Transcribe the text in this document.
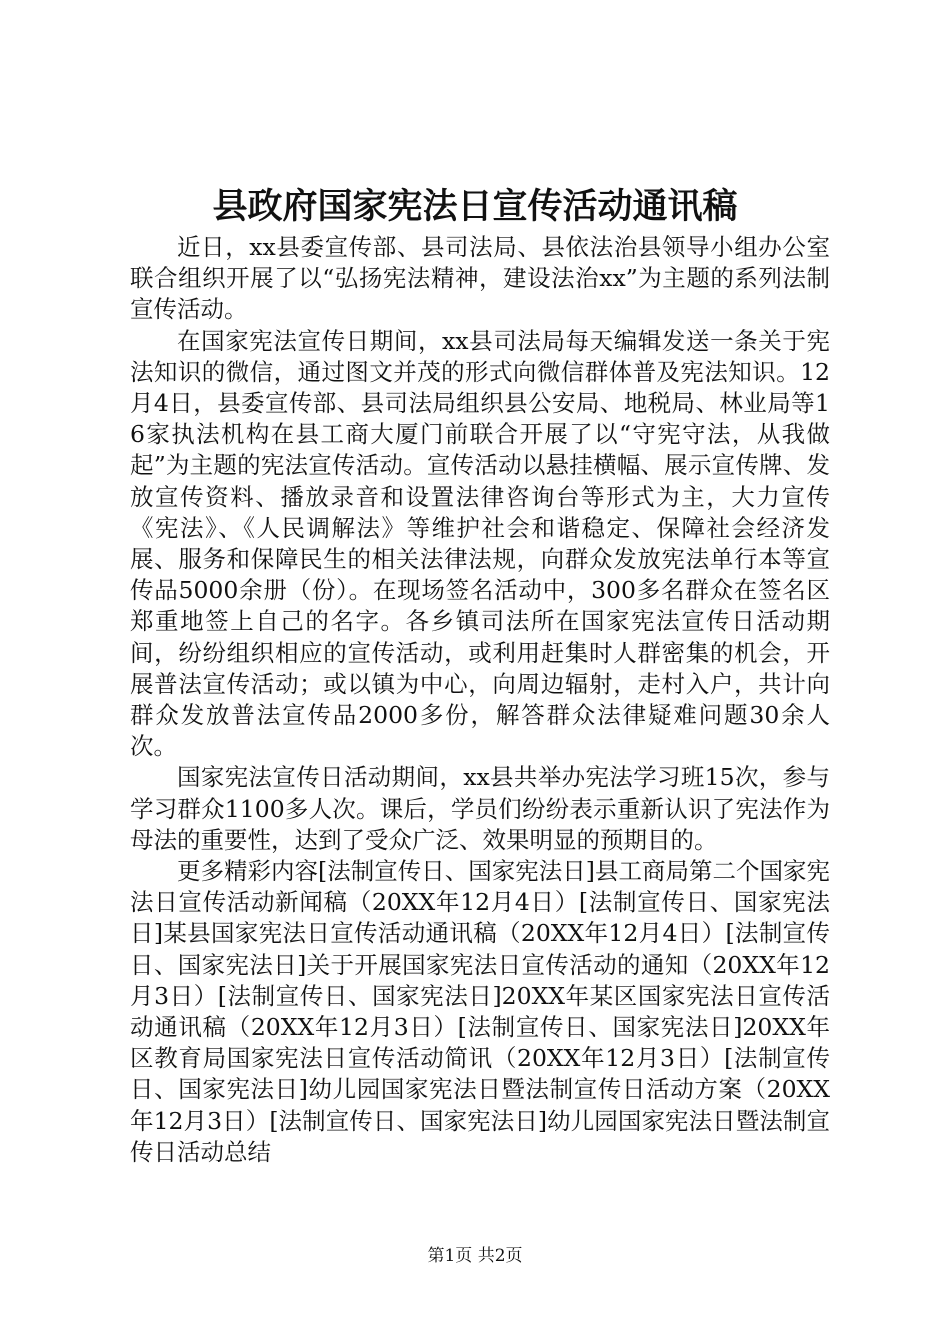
县政府国家宪法日宣传活动通讯稿

近日，xx县委宣传部、县司法局、县依法治县领导小组办公室联合组织开展了以“弘扬宪法精神，建设法治xx”为主题的系列法制宣传活动。

在国家宪法宣传日期间，xx县司法局每天编辑发送一条关于宪法知识的微信，通过图文并茂的形式向微信群体普及宪法知识。12月4日，县委宣传部、县司法局组织县公安局、地税局、林业局等16家执法机构在县工商大厦门前联合开展了以“守宪守法，从我做起”为主题的宪法宣传活动。宣传活动以悬挂横幅、展示宣传牌、发放宣传资料、播放录音和设置法律咨询台等形式为主，大力宣传《宪法》、《人民调解法》等维护社会和谐稳定、保障社会经济发展、服务和保障民生的相关法律法规，向群众发放宪法单行本等宣传品5000余册（份）。在现场签名活动中，300多名群众在签名区郑重地签上自己的名字。各乡镇司法所在国家宪法宣传日活动期间，纷纷组织相应的宣传活动，或利用赶集时人群密集的机会，开展普法宣传活动；或以镇为中心，向周边辐射，走村入户，共计向群众发放普法宣传品2000多份，解答群众法律疑难问题30余人次。

国家宪法宣传日活动期间，xx县共举办宪法学习班15次，参与学习群众1100多人次。课后，学员们纷纷表示重新认识了宪法作为母法的重要性，达到了受众广泛、效果明显的预期目的。

更多精彩内容[法制宣传日、国家宪法日]县工商局第二个国家宪法日宣传活动新闻稿（20XX年12月4日）[法制宣传日、国家宪法日]某县国家宪法日宣传活动通讯稿（20XX年12月4日）[法制宣传日、国家宪法日]关于开展国家宪法日宣传活动的通知（20XX年12月3日）[法制宣传日、国家宪法日]20XX年某区国家宪法日宣传活动通讯稿（20XX年12月3日）[法制宣传日、国家宪法日]20XX年区教育局国家宪法日宣传活动简讯（20XX年12月3日）[法制宣传日、国家宪法日]幼儿园国家宪法日暨法制宣传日活动方案（20XX年12月3日）[法制宣传日、国家宪法日]幼儿园国家宪法日暨法制宣传日活动总结

第1页 共2页
